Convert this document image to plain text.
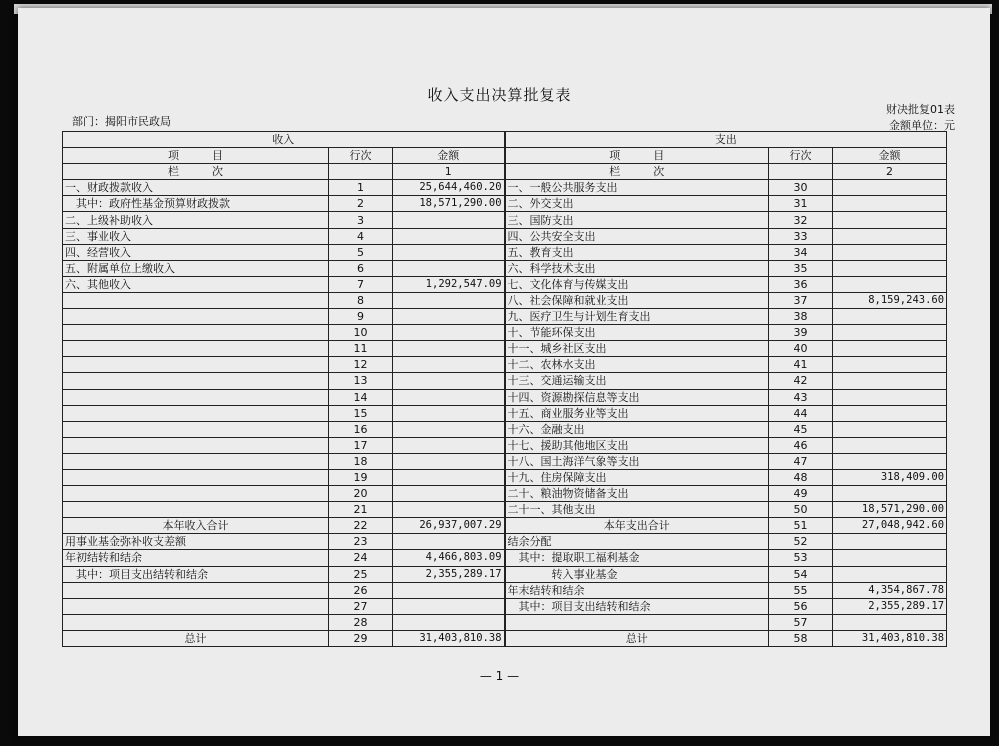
收入支出决算批复表
部门：揭阳市民政局
财决批复01表
金额单位：元
收入			支出		
项　　　目	行次	金额	项　　　目	行次	金额
栏　　　次		1	栏　　　次		2
一、财政拨款收入	1	25,644,460.20	一、一般公共服务支出	30	
　其中：政府性基金预算财政拨款	2	18,571,290.00	二、外交支出	31	
二、上级补助收入	3		三、国防支出	32	
三、事业收入	4		四、公共安全支出	33	
四、经营收入	5		五、教育支出	34	
五、附属单位上缴收入	6		六、科学技术支出	35	
六、其他收入	7	1,292,547.09	七、文化体育与传媒支出	36	
	8		八、社会保障和就业支出	37	8,159,243.60
	9		九、医疗卫生与计划生育支出	38	
	10		十、节能环保支出	39	
	11		十一、城乡社区支出	40	
	12		十二、农林水支出	41	
	13		十三、交通运输支出	42	
	14		十四、资源勘探信息等支出	43	
	15		十五、商业服务业等支出	44	
	16		十六、金融支出	45	
	17		十七、援助其他地区支出	46	
	18		十八、国土海洋气象等支出	47	
	19		十九、住房保障支出	48	318,409.00
	20		二十、粮油物资储备支出	49	
	21		二十一、其他支出	50	18,571,290.00
本年收入合计	22	26,937,007.29	本年支出合计	51	27,048,942.60
用事业基金弥补收支差额	23		结余分配	52	
年初结转和结余	24	4,466,803.09	　其中：提取职工福利基金	53	
　其中：项目支出结转和结余	25	2,355,289.17	　　　　转入事业基金	54	
	26		年末结转和结余	55	4,354,867.78
	27		　其中：项目支出结转和结余	56	2,355,289.17
	28			57	
总计	29	31,403,810.38	总计	58	31,403,810.38
— 1 —
